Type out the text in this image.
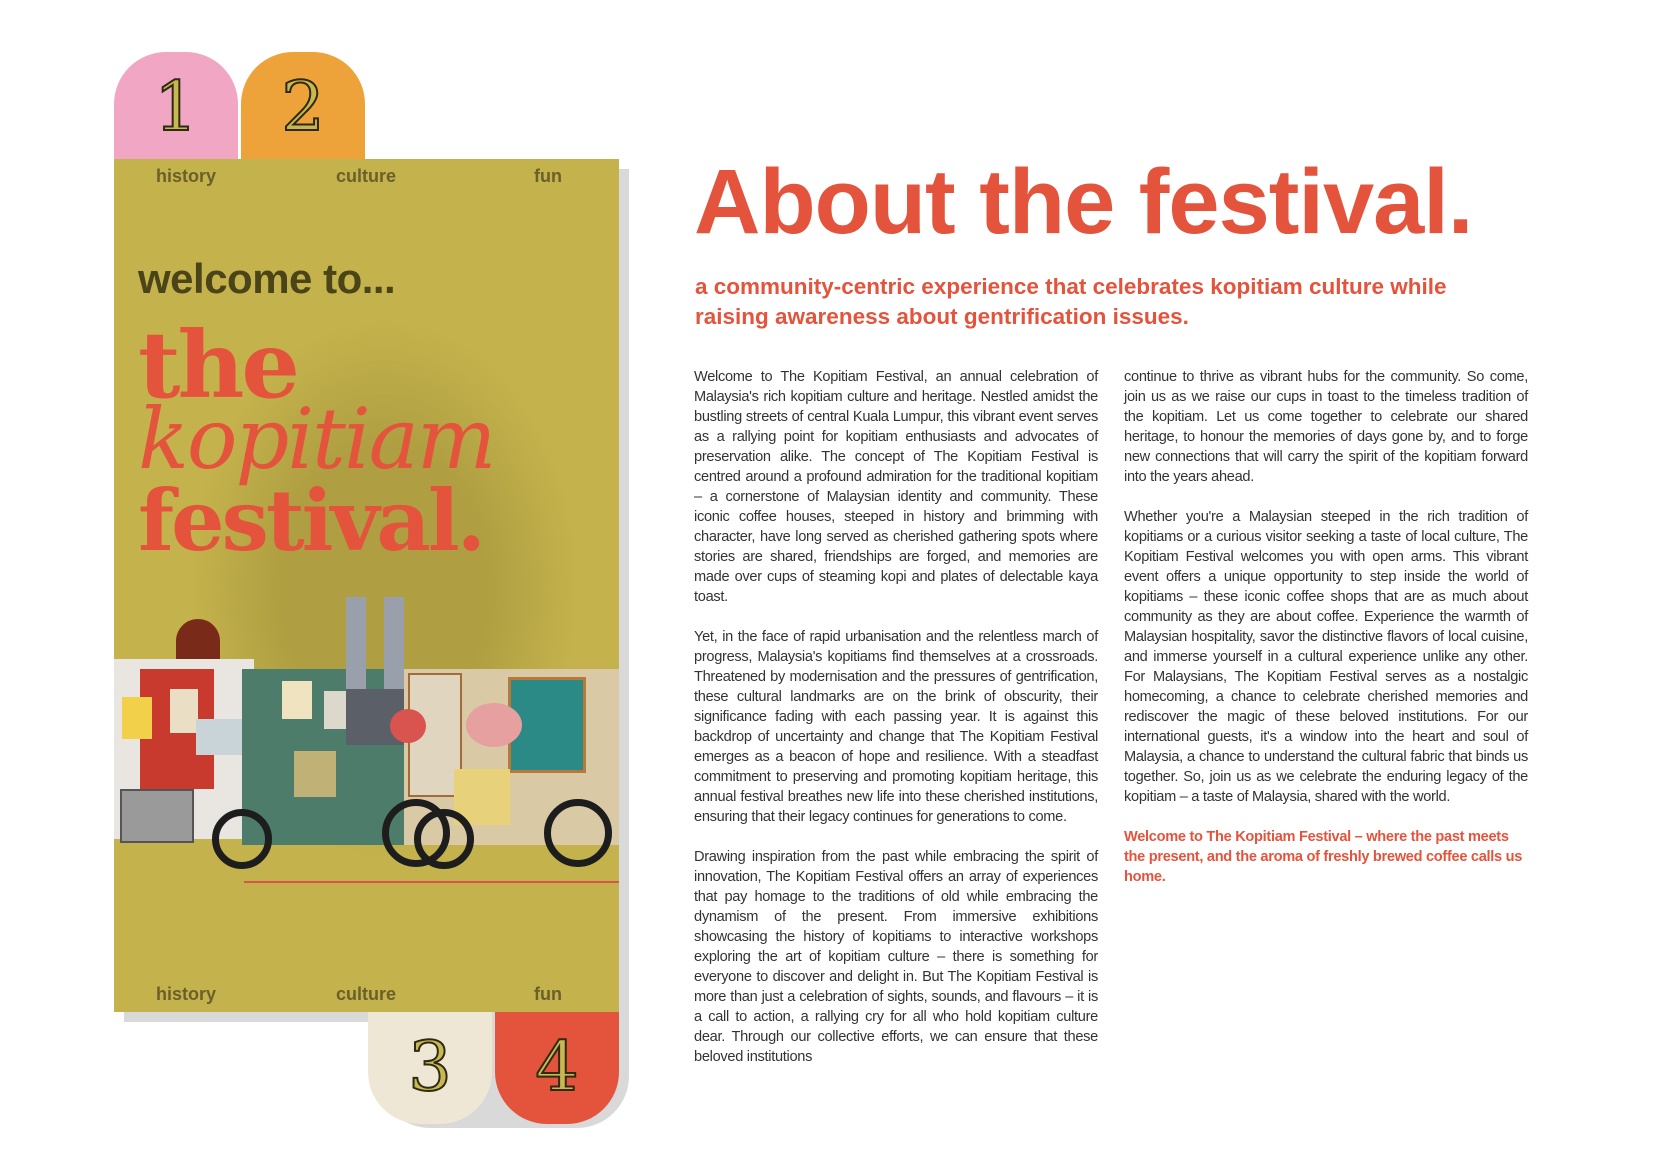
1 2
history	culture	fun
welcome to...
the
kopitiam
festival.
history	culture	fun
3 4
About the festival.
a community-centric experience that celebrates kopitiam culture while raising awareness about gentrification issues.

Welcome to The Kopitiam Festival, an annual celebration of Malaysia's rich kopitiam culture and heritage. Nestled amidst the bustling streets of central Kuala Lumpur, this vibrant event serves as a rallying point for kopitiam enthusiasts and advocates of preservation alike. The concept of The Kopitiam Festival is centred around a profound admiration for the traditional kopitiam – a cornerstone of Malaysian identity and community. These iconic coffee houses, steeped in history and brimming with character, have long served as cherished gathering spots where stories are shared, friendships are forged, and memories are made over cups of steaming kopi and plates of delectable kaya toast.

Yet, in the face of rapid urbanisation and the relentless march of progress, Malaysia's kopitiams find themselves at a crossroads. Threatened by modernisation and the pressures of gentrification, these cultural landmarks are on the brink of obscurity, their significance fading with each passing year. It is against this backdrop of uncertainty and change that The Kopitiam Festival emerges as a beacon of hope and resilience. With a steadfast commitment to preserving and promoting kopitiam heritage, this annual festival breathes new life into these cherished institutions, ensuring that their legacy continues for generations to come.

Drawing inspiration from the past while embracing the spirit of innovation, The Kopitiam Festival offers an array of experiences that pay homage to the traditions of old while embracing the dynamism of the present. From immersive exhibitions showcasing the history of kopitiams to interactive workshops exploring the art of kopitiam culture – there is something for everyone to discover and delight in. But The Kopitiam Festival is more than just a celebration of sights, sounds, and flavours – it is a call to action, a rallying cry for all who hold kopitiam culture dear. Through our collective efforts, we can ensure that these beloved institutions

continue to thrive as vibrant hubs for the community. So come, join us as we raise our cups in toast to the timeless tradition of the kopitiam. Let us come together to celebrate our shared heritage, to honour the memories of days gone by, and to forge new connections that will carry the spirit of the kopitiam forward into the years ahead.

Whether you're a Malaysian steeped in the rich tradition of kopitiams or a curious visitor seeking a taste of local culture, The Kopitiam Festival welcomes you with open arms. This vibrant event offers a unique opportunity to step inside the world of kopitiams – these iconic coffee shops that are as much about community as they are about coffee. Experience the warmth of Malaysian hospitality, savor the distinctive flavors of local cuisine, and immerse yourself in a cultural experience unlike any other. For Malaysians, The Kopitiam Festival serves as a nostalgic homecoming, a chance to celebrate cherished memories and rediscover the magic of these beloved institutions. For our international guests, it's a window into the heart and soul of Malaysia, a chance to understand the cultural fabric that binds us together. So, join us as we celebrate the enduring legacy of the kopitiam – a taste of Malaysia, shared with the world.

Welcome to The Kopitiam Festival – where the past meets the present, and the aroma of freshly brewed coffee calls us home.
